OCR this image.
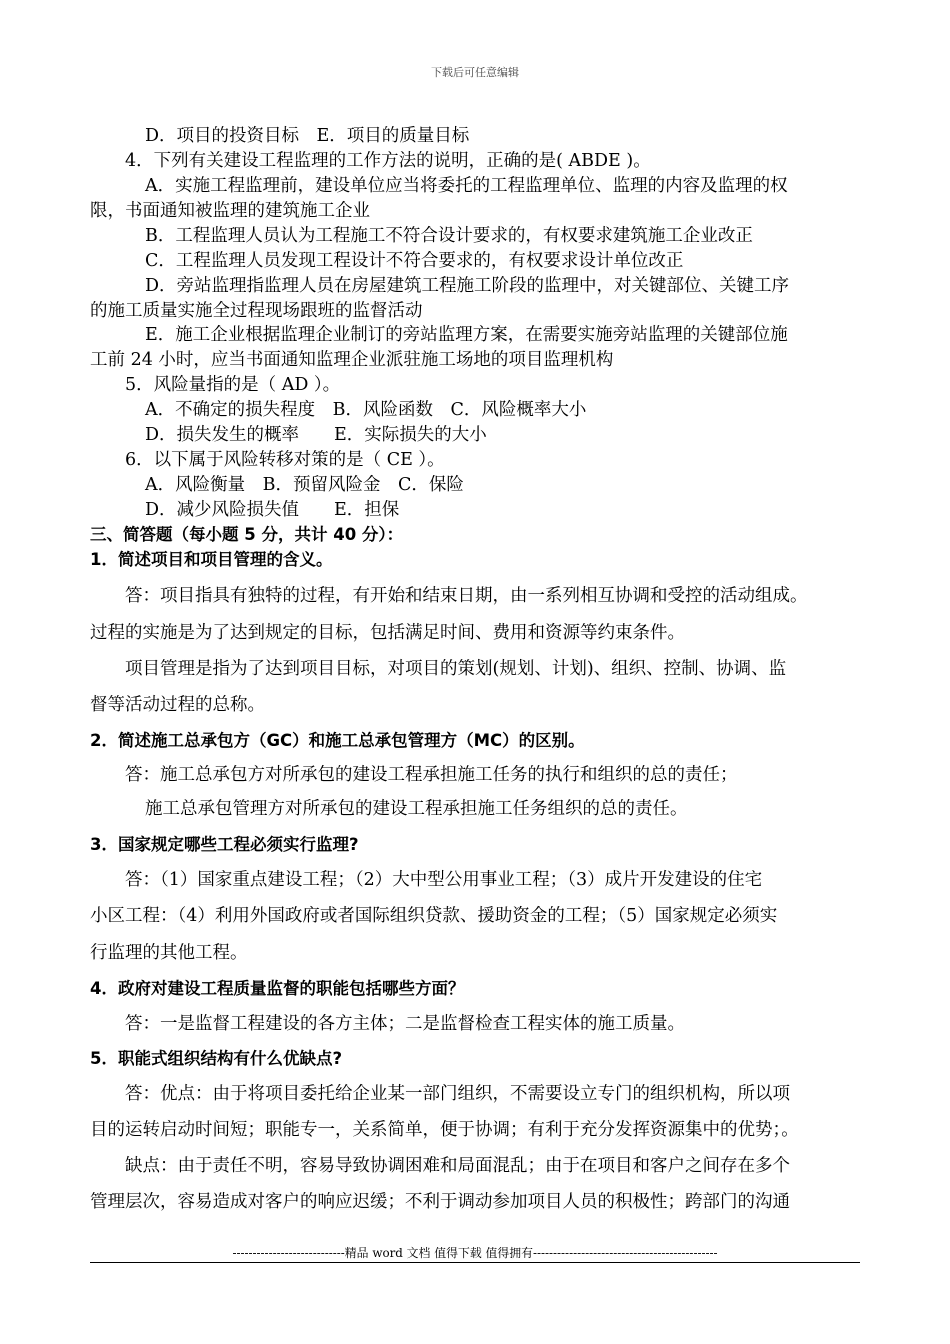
下载后可任意编辑
D．项目的投资目标　E．项目的质量目标
4．下列有关建设工程监理的工作方法的说明，正确的是( ABDE )。
A．实施工程监理前，建设单位应当将委托的工程监理单位、监理的内容及监理的权
限，书面通知被监理的建筑施工企业
B．工程监理人员认为工程施工不符合设计要求的，有权要求建筑施工企业改正
C．工程监理人员发现工程设计不符合要求的，有权要求设计单位改正
D．旁站监理指监理人员在房屋建筑工程施工阶段的监理中，对关键部位、关键工序
的施工质量实施全过程现场跟班的监督活动
E．施工企业根据监理企业制订的旁站监理方案，在需要实施旁站监理的关键部位施
工前 24 小时，应当书面通知监理企业派驻施工场地的项目监理机构
5．风险量指的是（ AD ）。
A．不确定的损失程度　B．风险函数　C．风险概率大小
D．损失发生的概率　　E．实际损失的大小
6．以下属于风险转移对策的是（ CE ）。
A．风险衡量　B．预留风险金　C．保险
D．减少风险损失值　　E．担保
三、简答题（每小题 5 分，共计 40 分）：
1．简述项目和项目管理的含义。
答：项目指具有独特的过程，有开始和结束日期，由一系列相互协调和受控的活动组成。
过程的实施是为了达到规定的目标，包括满足时间、费用和资源等约束条件。
项目管理是指为了达到项目目标，对项目的策划(规划、计划)、组织、控制、协调、监
督等活动过程的总称。
2．简述施工总承包方（GC）和施工总承包管理方（MC）的区别。
答：施工总承包方对所承包的建设工程承担施工任务的执行和组织的总的责任；
施工总承包管理方对所承包的建设工程承担施工任务组织的总的责任。
3．国家规定哪些工程必须实行监理?
答：（1）国家重点建设工程；（2）大中型公用事业工程；（3）成片开发建设的住宅
小区工程：（4）利用外国政府或者国际组织贷款、援助资金的工程；（5）国家规定必须实
行监理的其他工程。
4．政府对建设工程质量监督的职能包括哪些方面？
答：一是监督工程建设的各方主体；二是监督检查工程实体的施工质量。
5．职能式组织结构有什么优缺点?
答：优点：由于将项目委托给企业某一部门组织，不需要设立专门的组织机构，所以项
目的运转启动时间短；职能专一，关系简单，便于协调；有利于充分发挥资源集中的优势；。
缺点：由于责任不明，容易导致协调困难和局面混乱；由于在项目和客户之间存在多个
管理层次，容易造成对客户的响应迟缓；不利于调动参加项目人员的积极性；跨部门的沟通
----------------------------精品 word 文档 值得下载 值得拥有----------------------------------------------
